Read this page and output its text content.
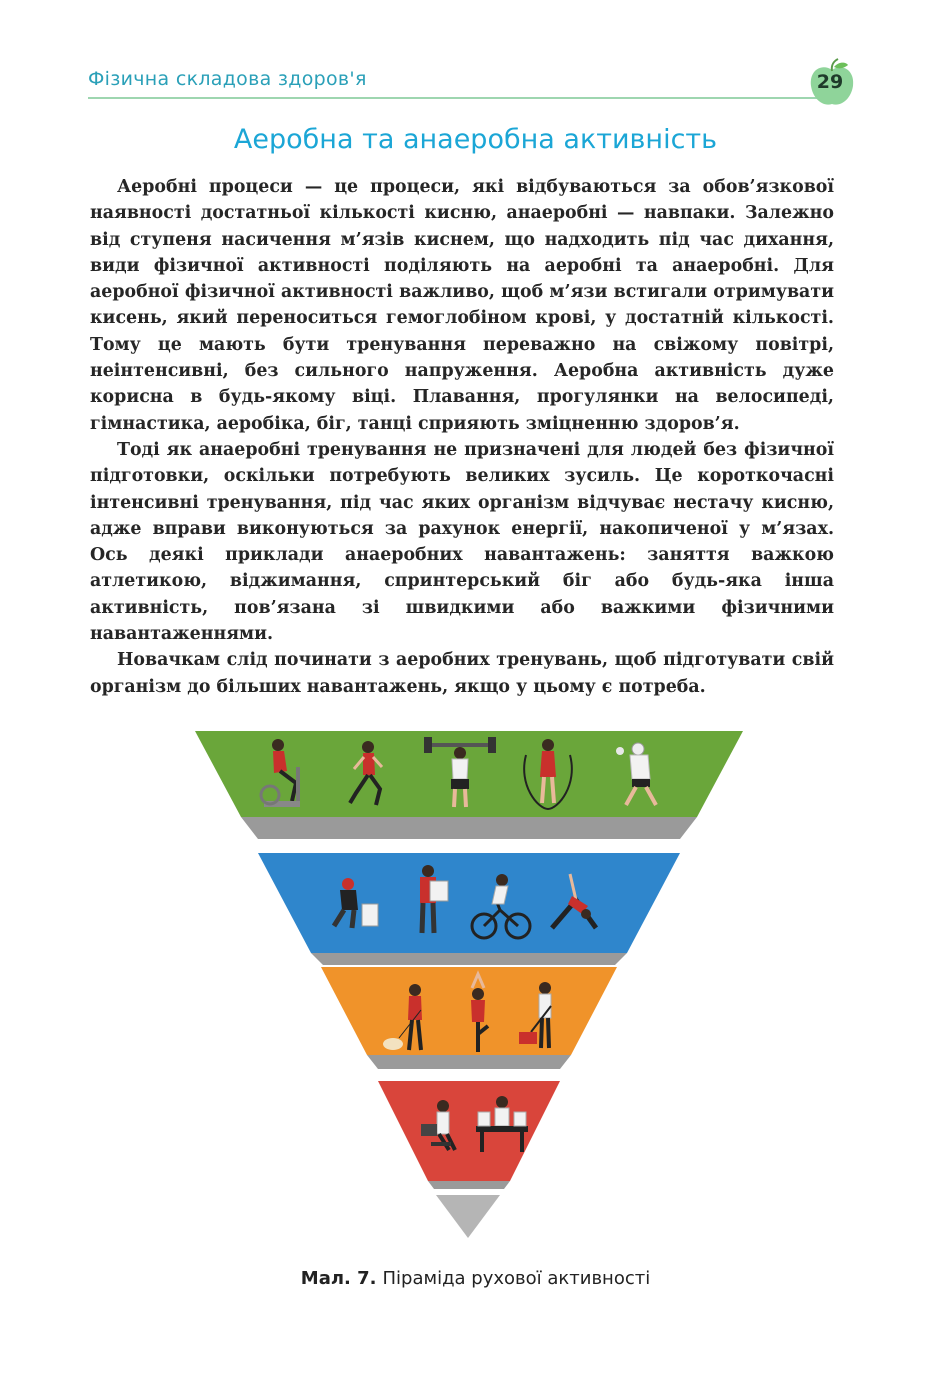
Фізична складова здоров'я	29
Аеробна та анаеробна активність

Аеробні процеси — це процеси, які відбуваються за обов’язкової наявності достатньої кількості кисню, анаеробні — навпаки. Залежно від ступеня насичення м’язів киснем, що надходить під час дихання, види фізичної активності поділяють на аеробні та анаеробні. Для аеробної фізичної активності важливо, щоб м’язи встигали отримувати кисень, який переноситься гемоглобіном крові, у достатній кількості. Тому це мають бути тренування переважно на свіжому повітрі, неінтенсивні, без сильного напруження. Аеробна активність дуже корисна в будь-якому віці. Плавання, прогулянки на велосипеді, гімнастика, аеробіка, біг, танці сприяють зміцненню здоров’я.

Тоді як анаеробні тренування не призначені для людей без фізичної підготовки, оскільки потребують великих зусиль. Це короткочасні інтенсивні тренування, під час яких організм відчуває нестачу кисню, адже вправи виконуються за рахунок енергії, накопиченої у м’язах. Ось деякі приклади анаеробних навантажень: заняття важкою атлетикою, віджимання, спринтерський біг або будь-яка інша активність, пов’язана зі швидкими або важкими фізичними навантаженнями.

Новачкам слід починати з аеробних тренувань, щоб підготувати свій організм до більших навантажень, якщо у цьому є потреба.

Мал. 7. Піраміда рухової активності
